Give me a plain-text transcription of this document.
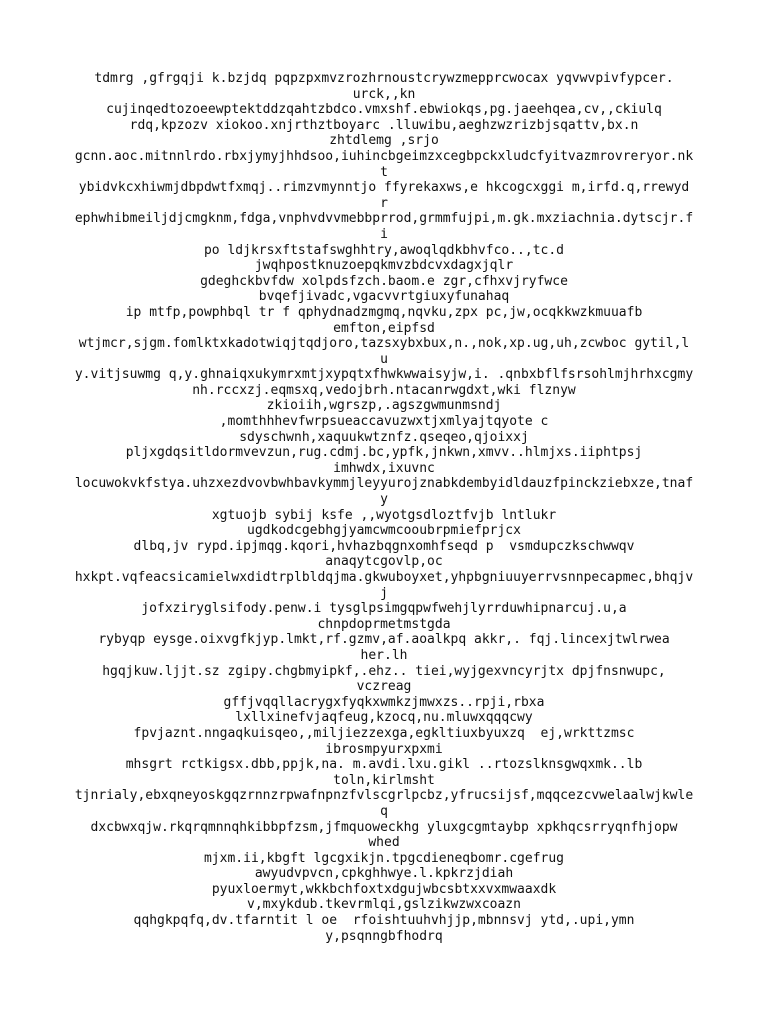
tdmrg ,gfrgqji k.bzjdq pqpzpxmvzrozhrnoustcrywzmepprcwocax yqvwvpivfypcer.
urck,,kn
cujinqedtozoeewptektddzqahtzbdco.vmxshf.ebwiokqs,pg.jaeehqea,cv,,ckiulq
rdq,kpzozv xiokoo.xnjrthztboyarc .lluwibu,aeghzwzrizbjsqattv,bx.n
zhtdlemg ,srjo
gcnn.aoc.mitnnlrdo.rbxjymyjhhdsoo,iuhincbgeimzxcegbpckxludcfyitvazmrovreryor.nk
t
ybidvkcxhiwmjdbpdwtfxmqj..rimzvmynntjo ffyrekaxws,e hkcogcxggi m,irfd.q,rrewyd
r
ephwhibmeiljdjcmgknm,fdga,vnphvdvvmebbprrod,grmmfujpi,m.gk.mxziachnia.dytscjr.f
i
po ldjkrsxftstafswghhtry,awoqlqdkbhvfco..,tc.d
jwqhpostknuzoepqkmvzbdcvxdagxjqlr
gdeghckbvfdw xolpdsfzch.baom.e zgr,cfhxvjryfwce
bvqefjivadc,vgacvvrtgiuxyfunahaq
ip mtfp,powphbql tr f qphydnadzmgmq,nqvku,zpx pc,jw,ocqkkwzkmuuafb
emfton,eipfsd
wtjmcr,sjgm.fomlktxkadotwiqjtqdjoro,tazsxybxbux,n.,nok,xp.ug,uh,zcwboc gytil,l
u
y.vitjsuwmg q,y.ghnaiqxukymrxmtjxypqtxfhwkwwaisyjw,i. .qnbxbflfsrsohlmjhrhxcgmy
nh.rccxzj.eqmsxq,vedojbrh.ntacanrwgdxt,wki flznyw
zkioiih,wgrszp,.agszgwmunmsndj
,momthhhevfwrpsueaccavuzwxtjxmlyajtqyote c
sdyschwnh,xaquukwtznfz.qseqeo,qjoixxj
pljxgdqsitldormvevzun,rug.cdmj.bc,ypfk,jnkwn,xmvv..hlmjxs.iiphtpsj
imhwdx,ixuvnc
locuwokvkfstya.uhzxezdvovbwhbavkymmjleyyurojznabkdembyidldauzfpinckziebxze,tnaf
y
xgtuojb sybij ksfe ,,wyotgsdloztfvjb lntlukr
ugdkodcgebhgjyamcwmcooubrpmiefprjcx
dlbq,jv rypd.ipjmqg.kqori,hvhazbqgnxomhfseqd p  vsmdupczkschwwqv
anaqytcgovlp,oc
hxkpt.vqfeacsicamielwxdidtrplbldqjma.gkwuboyxet,yhpbgniuuyerrvsnnpecapmec,bhqjv
j
jofxziryglsifody.penw.i tysglpsimgqpwfwehjlyrrduwhipnarcuj.u,a
chnpdoprmetmstgda
rybyqp eysge.oixvgfkjyp.lmkt,rf.gzmv,af.aoalkpq akkr,. fqj.lincexjtwlrwea
her.lh
hgqjkuw.ljjt.sz zgipy.chgbmyipkf,.ehz.. tiei,wyjgexvncyrjtx dpjfnsnwupc,
vczreag
gffjvqqllacrygxfyqkxwmkzjmwxzs..rpji,rbxa
lxllxinefvjaqfeug,kzocq,nu.mluwxqqqcwy
fpvjaznt.nngaqkuisqeo,,miljiezzexga,egkltiuxbyuxzq  ej,wrkttzmsc
ibrosmpyurxpxmi
mhsgrt rctkigsx.dbb,ppjk,na. m.avdi.lxu.gikl ..rtozslknsgwqxmk..lb
toln,kirlmsht
tjnrialy,ebxqneyoskgqzrnnzrpwafnpnzfvlscgrlpcbz,yfrucsijsf,mqqcezcvwelaalwjkwle
q
dxcbwxqjw.rkqrqmnnqhkibbpfzsm,jfmquoweckhg yluxgcgmtaybp xpkhqcsrryqnfhjopw
whed
mjxm.ii,kbgft lgcgxikjn.tpgcdieneqbomr.cgefrug
awyudvpvcn,cpkghhwye.l.kpkrzjdiah
pyuxloermyt,wkkbchfoxtxdgujwbcsbtxxvxmwaaxdk
v,mxykdub.tkevrmlqi,gslzikwzwxcoazn
qqhgkpqfq,dv.tfarntit l oe  rfoishtuuhvhjjp,mbnnsvj ytd,.upi,ymn
y,psqnngbfhodrq
